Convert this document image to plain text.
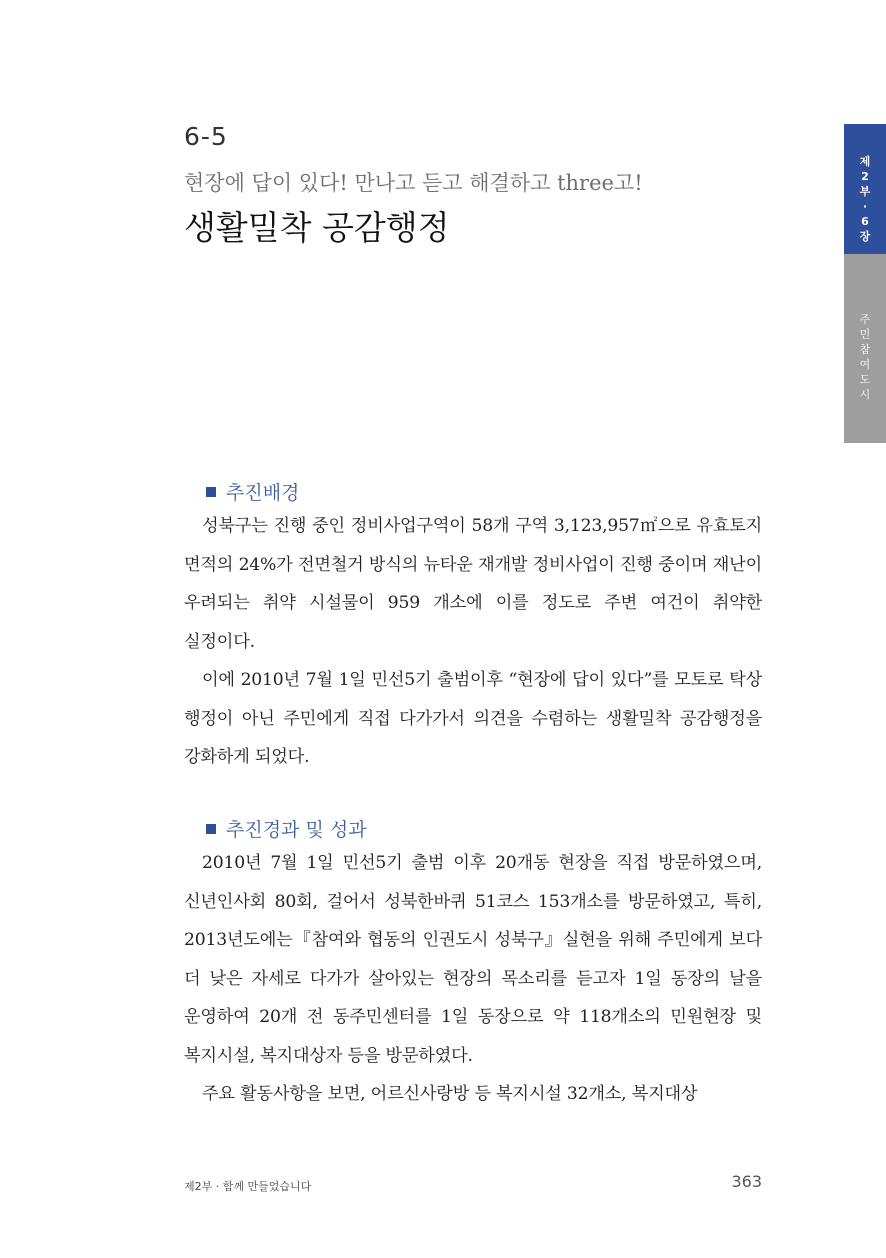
6-5
현장에 답이 있다! 만나고 듣고 해결하고 three고!
생활밀착 공감행정
제
2
부
·
6
장
주
민
참
여
도
시
추진배경

성북구는 진행 중인 정비사업구역이 58개 구역 3,123,957㎡으로 유효토지 면적의 24%가 전면철거 방식의 뉴타운 재개발 정비사업이 진행 중이며 재난이 우려되는 취약 시설물이 959 개소에 이를 정도로 주변 여건이 취약한 실정이다.

이에 2010년 7월 1일 민선5기 출범이후 “현장에 답이 있다”를 모토로 탁상 행정이 아닌 주민에게 직접 다가가서 의견을 수렴하는 생활밀착 공감행정을 강화하게 되었다.

추진경과 및 성과

2010년 7월 1일 민선5기 출범 이후 20개동 현장을 직접 방문하였으며, 신년인사회 80회, 걸어서 성북한바퀴 51코스 153개소를 방문하였고, 특히, 2013년도에는『참여와 협동의 인권도시 성북구』실현을 위해 주민에게 보다 더 낮은 자세로 다가가 살아있는 현장의 목소리를 듣고자 1일 동장의 날을 운영하여 20개 전 동주민센터를 1일 동장으로 약 118개소의 민원현장 및 복지시설, 복지대상자 등을 방문하였다.

주요 활동사항을 보면, 어르신사랑방 등 복지시설 32개소, 복지대상

제2부 · 함께 만들었습니다	363
